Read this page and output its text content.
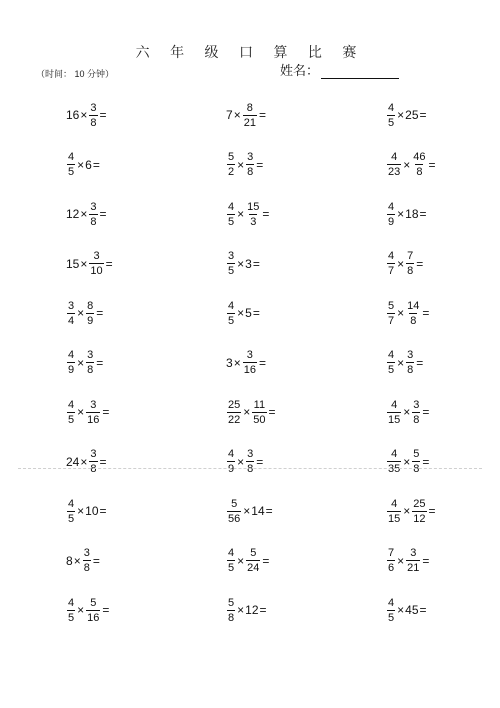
六 年 级 口 算 比 赛
（时间： 10 分钟）	姓名：
$16 \times \frac{3}{8}$ =	$7 \times \frac{8}{21}$ =	$\frac{4}{5} \times 25$ =
$\frac{4}{5} \times 6$ =	$\frac{5}{2} \times \frac{3}{8}$ =	$\frac{4}{23} \times \frac{46}{8}$ =
$12 \times \frac{3}{8}$ =	$\frac{4}{5} \times \frac{15}{3}$ =	$\frac{4}{9} \times 18$ =
$15 \times \frac{3}{10}$ =	$\frac{3}{5} \times 3$ =	$\frac{4}{7} \times \frac{7}{8}$ =
$\frac{3}{4} \times \frac{8}{9}$ =	$\frac{4}{5} \times 5$ =	$\frac{5}{7} \times \frac{14}{8}$ =
$\frac{4}{9} \times \frac{3}{8}$ =	$3 \times \frac{3}{16}$ =	$\frac{4}{5} \times \frac{3}{8}$ =
$\frac{4}{5} \times \frac{3}{16}$ =	$\frac{25}{22} \times \frac{11}{50}$ =	$\frac{4}{15} \times \frac{3}{8}$ =
$24 \times \frac{3}{8}$ =	$\frac{4}{9} \times \frac{3}{8}$ =	$\frac{4}{35} \times \frac{5}{8}$ =
$\frac{4}{5} \times 10$ =	$\frac{5}{56} \times 14$ =	$\frac{4}{15} \times \frac{25}{12}$ =
$8 \times \frac{3}{8}$ =	$\frac{4}{5} \times \frac{5}{24}$ =	$\frac{7}{6} \times \frac{3}{21}$ =
$\frac{4}{5} \times \frac{5}{16}$ =	$\frac{5}{8} \times 12$ =	$\frac{4}{5} \times 45$ =
